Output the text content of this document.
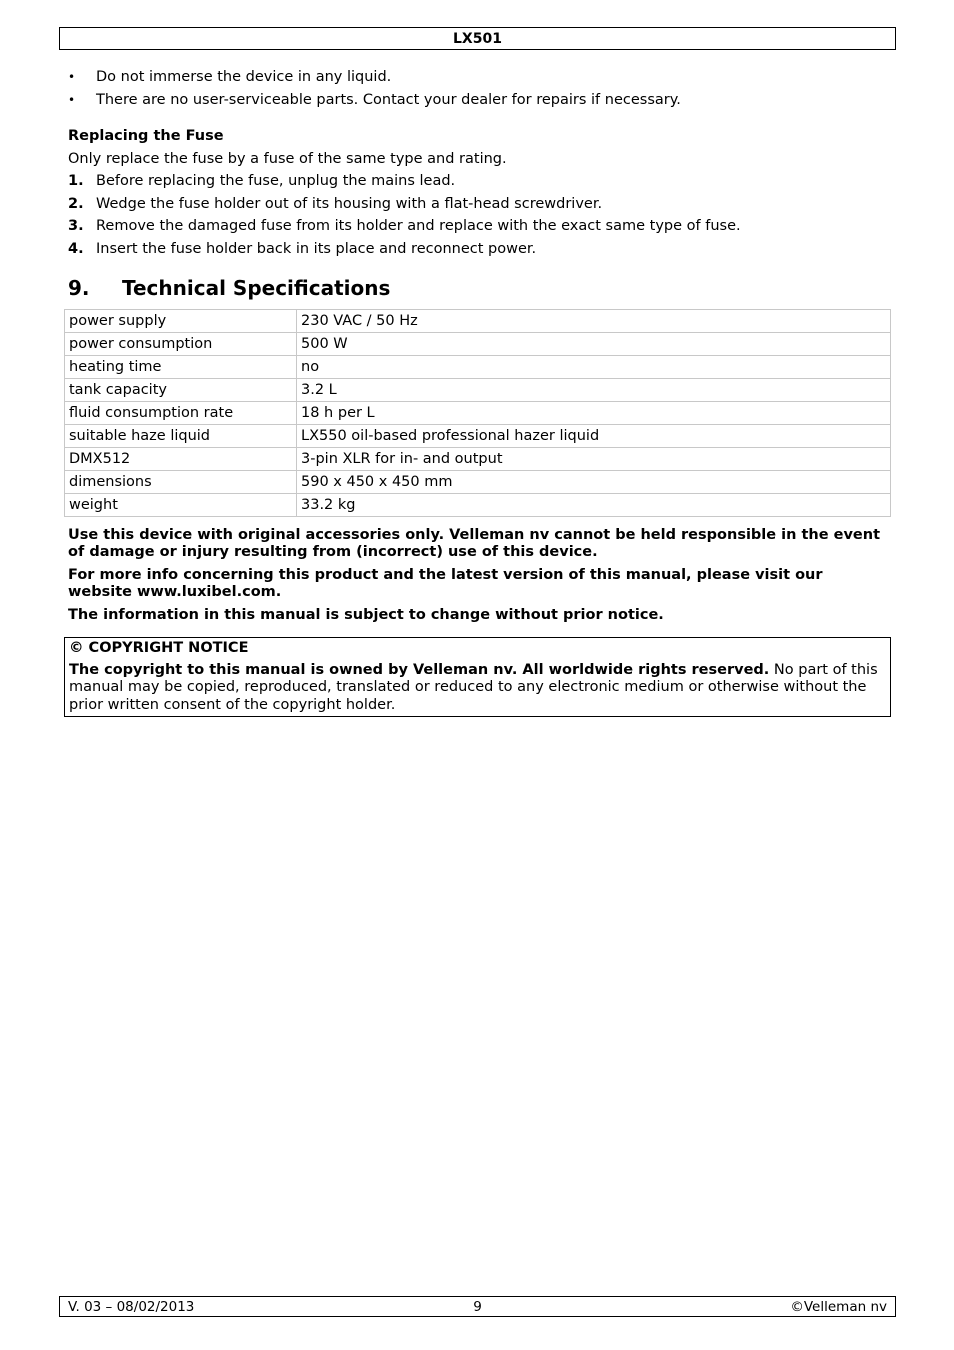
LX501
•	Do not immerse the device in any liquid.
•	There are no user-serviceable parts. Contact your dealer for repairs if necessary.
Replacing the Fuse
Only replace the fuse by a fuse of the same type and rating.
1. Before replacing the fuse, unplug the mains lead.
2. Wedge the fuse holder out of its housing with a flat-head screwdriver.
3. Remove the damaged fuse from its holder and replace with the exact same type of fuse.
4. Insert the fuse holder back in its place and reconnect power.
9.	Technical Specifications
power supply	230 VAC / 50 Hz
power consumption	500 W
heating time	no
tank capacity	3.2 L
fluid consumption rate	18 h per L
suitable haze liquid	LX550 oil-based professional hazer liquid
DMX512	3-pin XLR for in- and output
dimensions	590 x 450 x 450 mm
weight	33.2 kg

Use this device with original accessories only. Velleman nv cannot be held responsible in the event of damage or injury resulting from (incorrect) use of this device.

For more info concerning this product and the latest version of this manual, please visit our website www.luxibel.com.

The information in this manual is subject to change without prior notice.

© COPYRIGHT NOTICE
The copyright to this manual is owned by Velleman nv. All worldwide rights reserved. No part of this manual may be copied, reproduced, translated or reduced to any electronic medium or otherwise without the prior written consent of the copyright holder.
V. 03 – 08/02/2013	9	©Velleman nv
